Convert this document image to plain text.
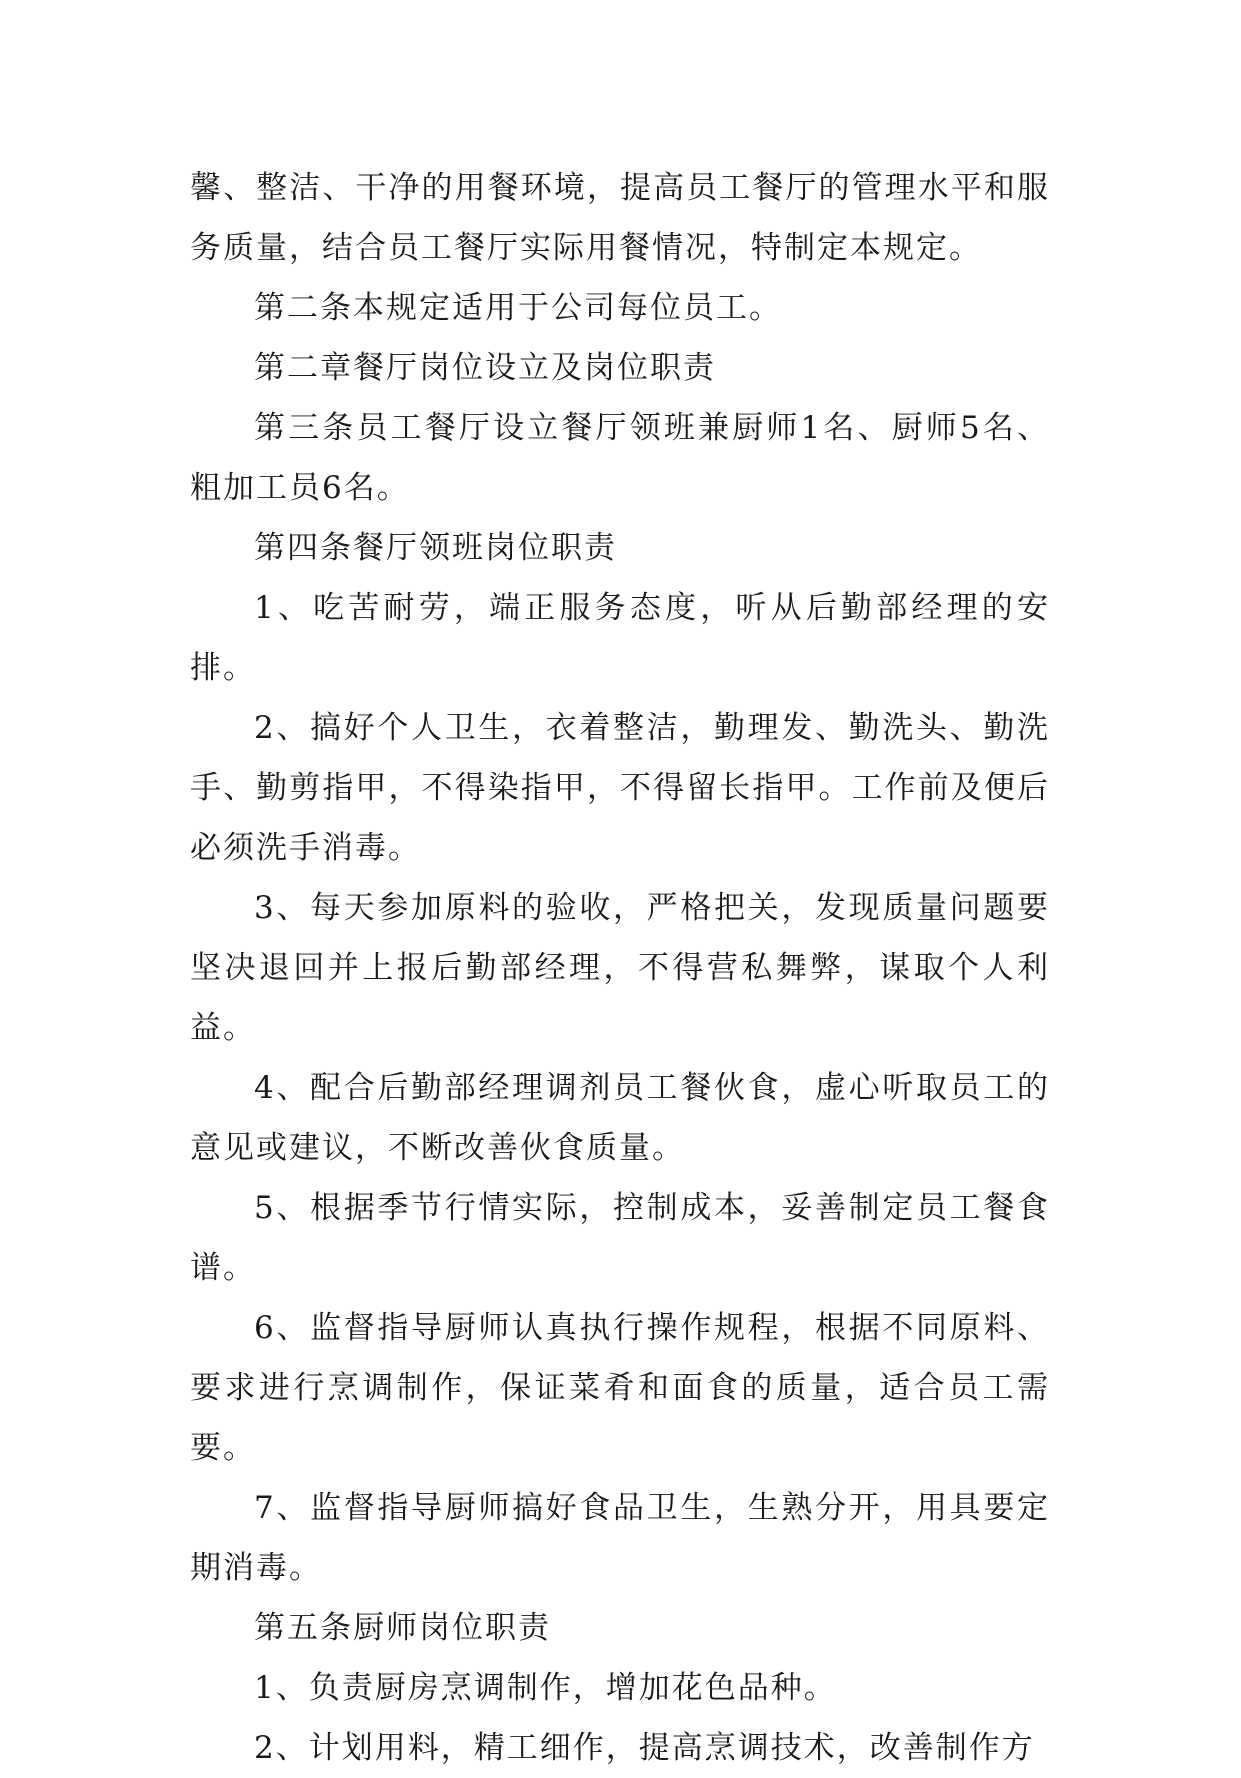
馨、整洁、干净的用餐环境，提高员工餐厅的管理水平和服务质量，结合员工餐厅实际用餐情况，特制定本规定。

第二条本规定适用于公司每位员工。

第二章餐厅岗位设立及岗位职责

第三条员工餐厅设立餐厅领班兼厨师1名、厨师5名、粗加工员6名。

第四条餐厅领班岗位职责

1、吃苦耐劳，端正服务态度，听从后勤部经理的安排。

2、搞好个人卫生，衣着整洁，勤理发、勤洗头、勤洗手、勤剪指甲，不得染指甲，不得留长指甲。工作前及便后必须洗手消毒。

3、每天参加原料的验收，严格把关，发现质量问题要坚决退回并上报后勤部经理，不得营私舞弊，谋取个人利益。

4、配合后勤部经理调剂员工餐伙食，虚心听取员工的意见或建议，不断改善伙食质量。

5、根据季节行情实际，控制成本，妥善制定员工餐食谱。

6、监督指导厨师认真执行操作规程，根据不同原料、要求进行烹调制作，保证菜肴和面食的质量，适合员工需要。

7、监督指导厨师搞好食品卫生，生熟分开，用具要定期消毒。

第五条厨师岗位职责

1、负责厨房烹调制作，增加花色品种。

2、计划用料，精工细作，提高烹调技术，改善制作方
